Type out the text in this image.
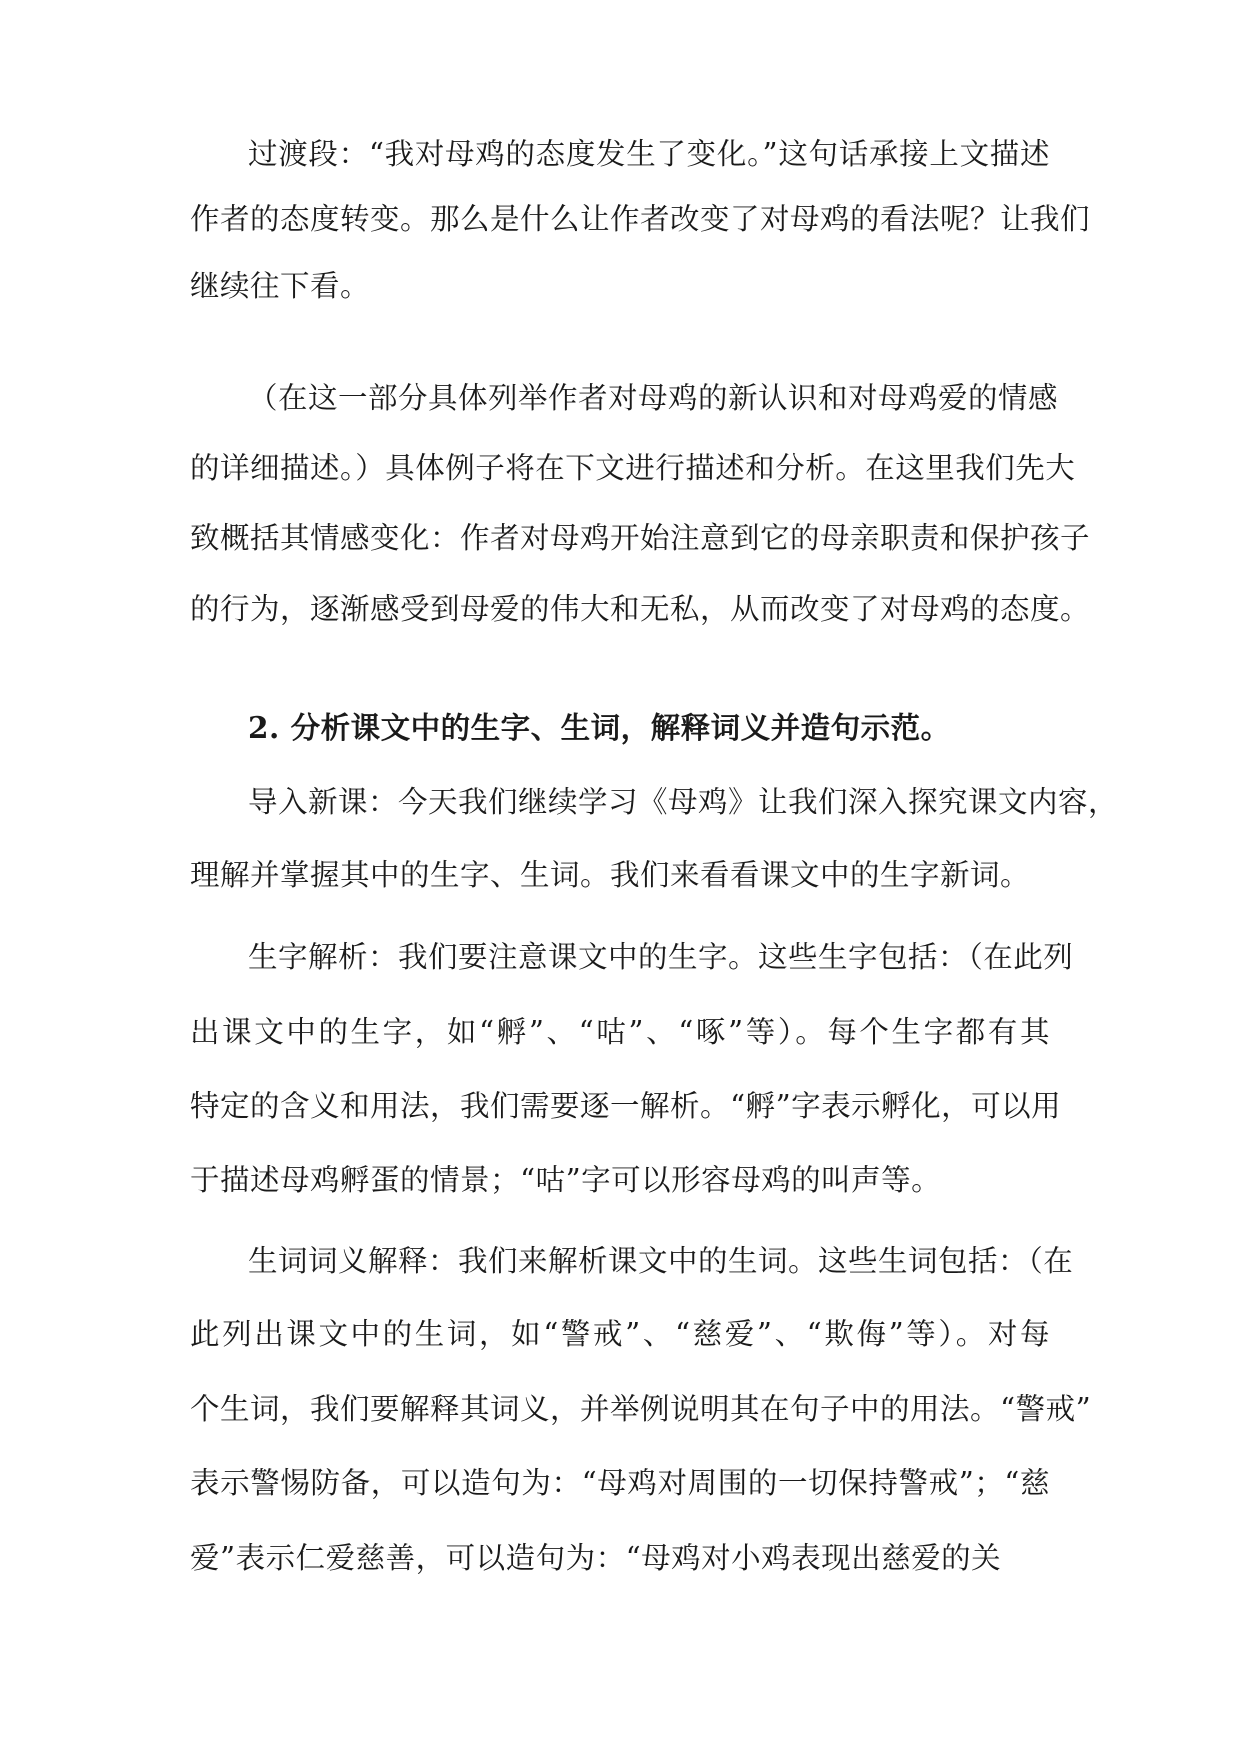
过渡段：“我对母鸡的态度发生了变化。”这句话承接上文描述
作者的态度转变。那么是什么让作者改变了对母鸡的看法呢？让我们
继续往下看。
（在这一部分具体列举作者对母鸡的新认识和对母鸡爱的情感
的详细描述。）具体例子将在下文进行描述和分析。在这里我们先大
致概括其情感变化：作者对母鸡开始注意到它的母亲职责和保护孩子
的行为，逐渐感受到母爱的伟大和无私，从而改变了对母鸡的态度。
2. 分析课文中的生字、生词，解释词义并造句示范。
导入新课：今天我们继续学习《母鸡》让我们深入探究课文内容，
理解并掌握其中的生字、生词。我们来看看课文中的生字新词。
生字解析：我们要注意课文中的生字。这些生字包括：（在此列
出课文中的生字，如“孵”、“咕”、“啄”等）。每个生字都有其
特定的含义和用法，我们需要逐一解析。“孵”字表示孵化，可以用
于描述母鸡孵蛋的情景；“咕”字可以形容母鸡的叫声等。
生词词义解释：我们来解析课文中的生词。这些生词包括：（在
此列出课文中的生词，如“警戒”、“慈爱”、“欺侮”等）。对每
个生词，我们要解释其词义，并举例说明其在句子中的用法。“警戒”
表示警惕防备，可以造句为：“母鸡对周围的一切保持警戒”；“慈
爱”表示仁爱慈善，可以造句为：“母鸡对小鸡表现出慈爱的关
